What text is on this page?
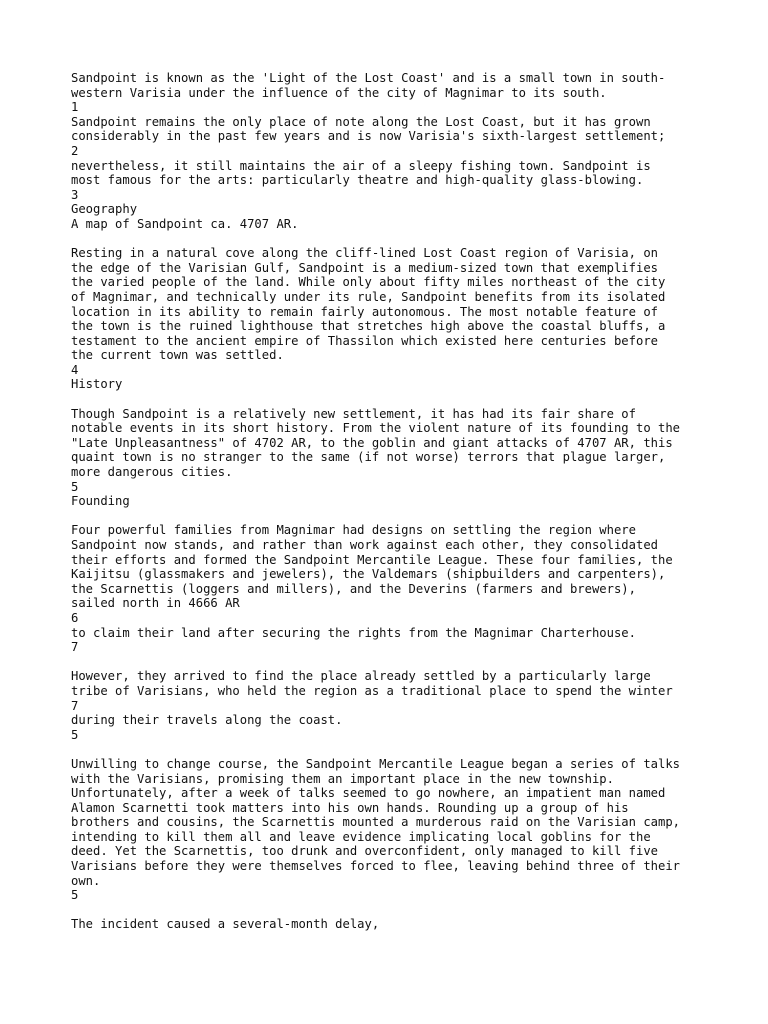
Sandpoint is known as the 'Light of the Lost Coast' and is a small town in south-
western Varisia under the influence of the city of Magnimar to its south.
1
Sandpoint remains the only place of note along the Lost Coast, but it has grown
considerably in the past few years and is now Varisia's sixth-largest settlement;
2
nevertheless, it still maintains the air of a sleepy fishing town. Sandpoint is
most famous for the arts: particularly theatre and high-quality glass-blowing.
3
Geography
A map of Sandpoint ca. 4707 AR.
Resting in a natural cove along the cliff-lined Lost Coast region of Varisia, on
the edge of the Varisian Gulf, Sandpoint is a medium-sized town that exemplifies
the varied people of the land. While only about fifty miles northeast of the city
of Magnimar, and technically under its rule, Sandpoint benefits from its isolated
location in its ability to remain fairly autonomous. The most notable feature of
the town is the ruined lighthouse that stretches high above the coastal bluffs, a
testament to the ancient empire of Thassilon which existed here centuries before
the current town was settled.
4
History
Though Sandpoint is a relatively new settlement, it has had its fair share of
notable events in its short history. From the violent nature of its founding to the
"Late Unpleasantness" of 4702 AR, to the goblin and giant attacks of 4707 AR, this
quaint town is no stranger to the same (if not worse) terrors that plague larger,
more dangerous cities.
5
Founding
Four powerful families from Magnimar had designs on settling the region where
Sandpoint now stands, and rather than work against each other, they consolidated
their efforts and formed the Sandpoint Mercantile League. These four families, the
Kaijitsu (glassmakers and jewelers), the Valdemars (shipbuilders and carpenters),
the Scarnettis (loggers and millers), and the Deverins (farmers and brewers),
sailed north in 4666 AR
6
to claim their land after securing the rights from the Magnimar Charterhouse.
7
However, they arrived to find the place already settled by a particularly large
tribe of Varisians, who held the region as a traditional place to spend the winter
7
during their travels along the coast.
5
Unwilling to change course, the Sandpoint Mercantile League began a series of talks
with the Varisians, promising them an important place in the new township.
Unfortunately, after a week of talks seemed to go nowhere, an impatient man named
Alamon Scarnetti took matters into his own hands. Rounding up a group of his
brothers and cousins, the Scarnettis mounted a murderous raid on the Varisian camp,
intending to kill them all and leave evidence implicating local goblins for the
deed. Yet the Scarnettis, too drunk and overconfident, only managed to kill five
Varisians before they were themselves forced to flee, leaving behind three of their
own.
5
The incident caused a several-month delay,
